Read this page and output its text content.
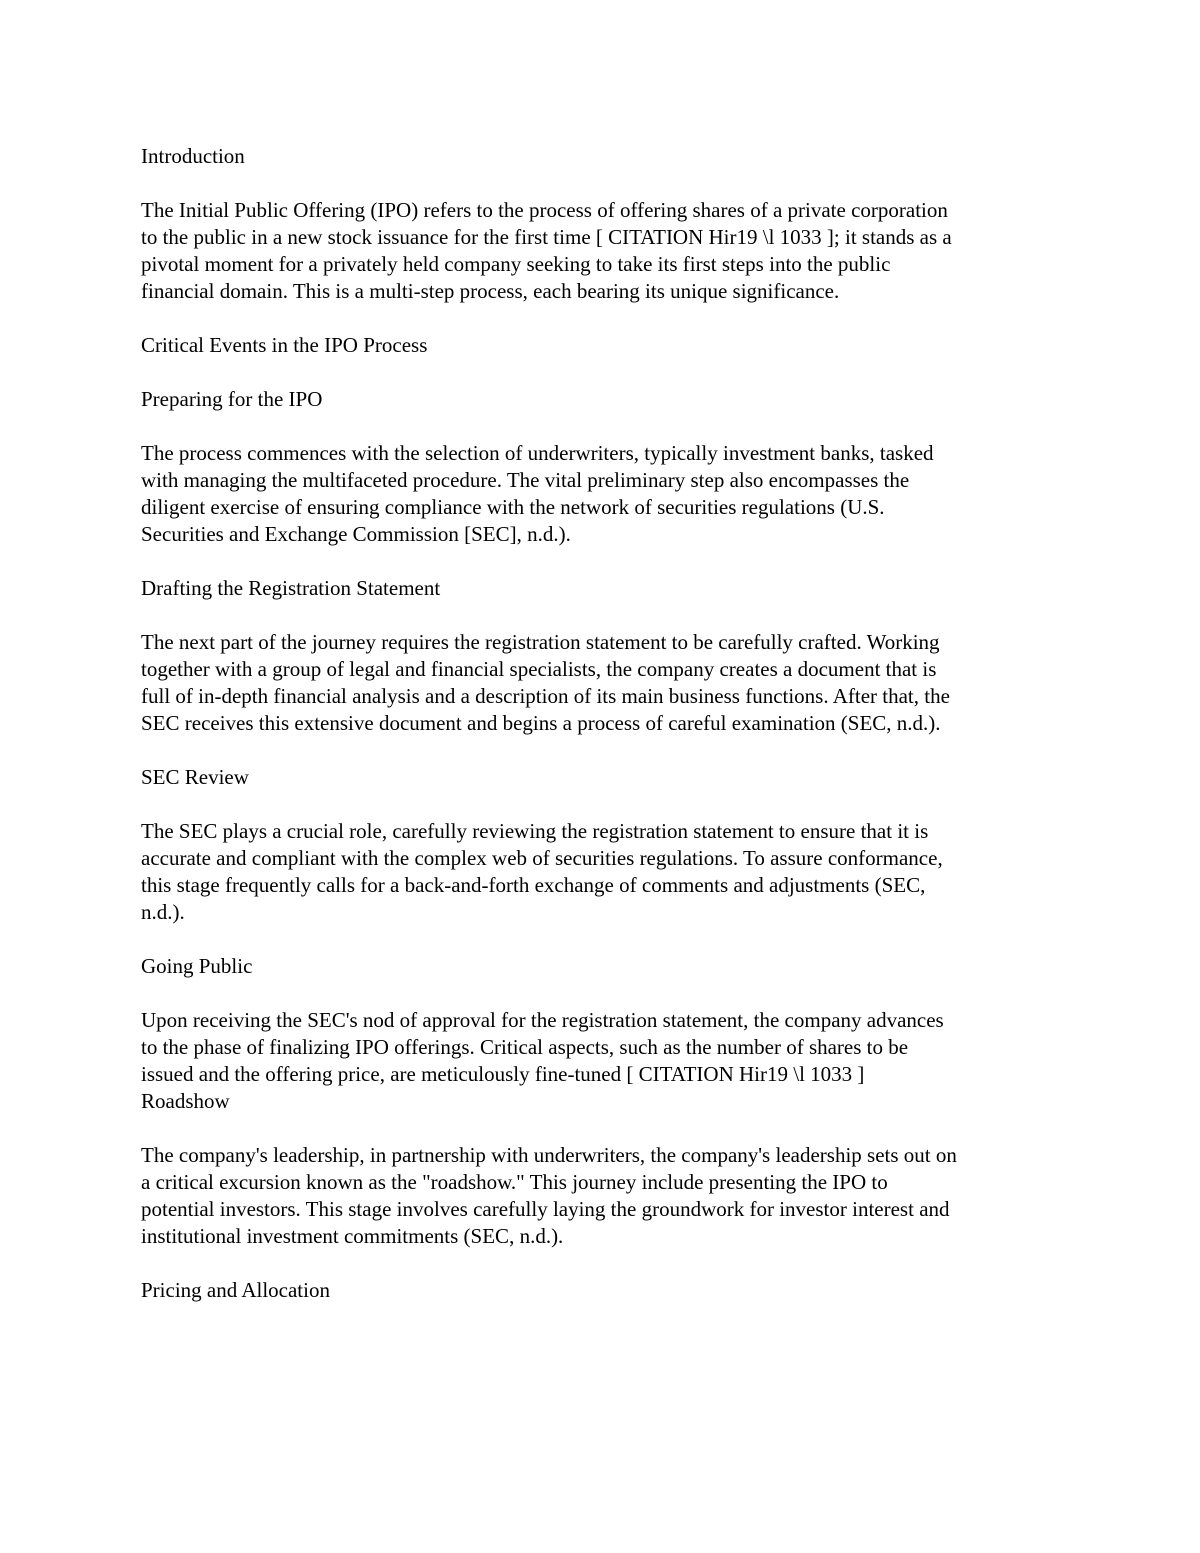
Introduction

The Initial Public Offering (IPO) refers to the process of offering shares of a private corporation
to the public in a new stock issuance for the first time [ CITATION Hir19 \l 1033 ]; it stands as a
pivotal moment for a privately held company seeking to take its first steps into the public
financial domain. This is a multi-step process, each bearing its unique significance.

Critical Events in the IPO Process

Preparing for the IPO

The process commences with the selection of underwriters, typically investment banks, tasked
with managing the multifaceted procedure. The vital preliminary step also encompasses the
diligent exercise of ensuring compliance with the network of securities regulations (U.S.
Securities and Exchange Commission [SEC], n.d.).

Drafting the Registration Statement

The next part of the journey requires the registration statement to be carefully crafted. Working
together with a group of legal and financial specialists, the company creates a document that is
full of in-depth financial analysis and a description of its main business functions. After that, the
SEC receives this extensive document and begins a process of careful examination (SEC, n.d.).

SEC Review

The SEC plays a crucial role, carefully reviewing the registration statement to ensure that it is
accurate and compliant with the complex web of securities regulations. To assure conformance,
this stage frequently calls for a back-and-forth exchange of comments and adjustments (SEC,
n.d.).

Going Public

Upon receiving the SEC's nod of approval for the registration statement, the company advances
to the phase of finalizing IPO offerings. Critical aspects, such as the number of shares to be
issued and the offering price, are meticulously fine-tuned [ CITATION Hir19 \l 1033 ]
Roadshow

The company's leadership, in partnership with underwriters, the company's leadership sets out on
a critical excursion known as the "roadshow." This journey include presenting the IPO to
potential investors. This stage involves carefully laying the groundwork for investor interest and
institutional investment commitments (SEC, n.d.).

Pricing and Allocation
